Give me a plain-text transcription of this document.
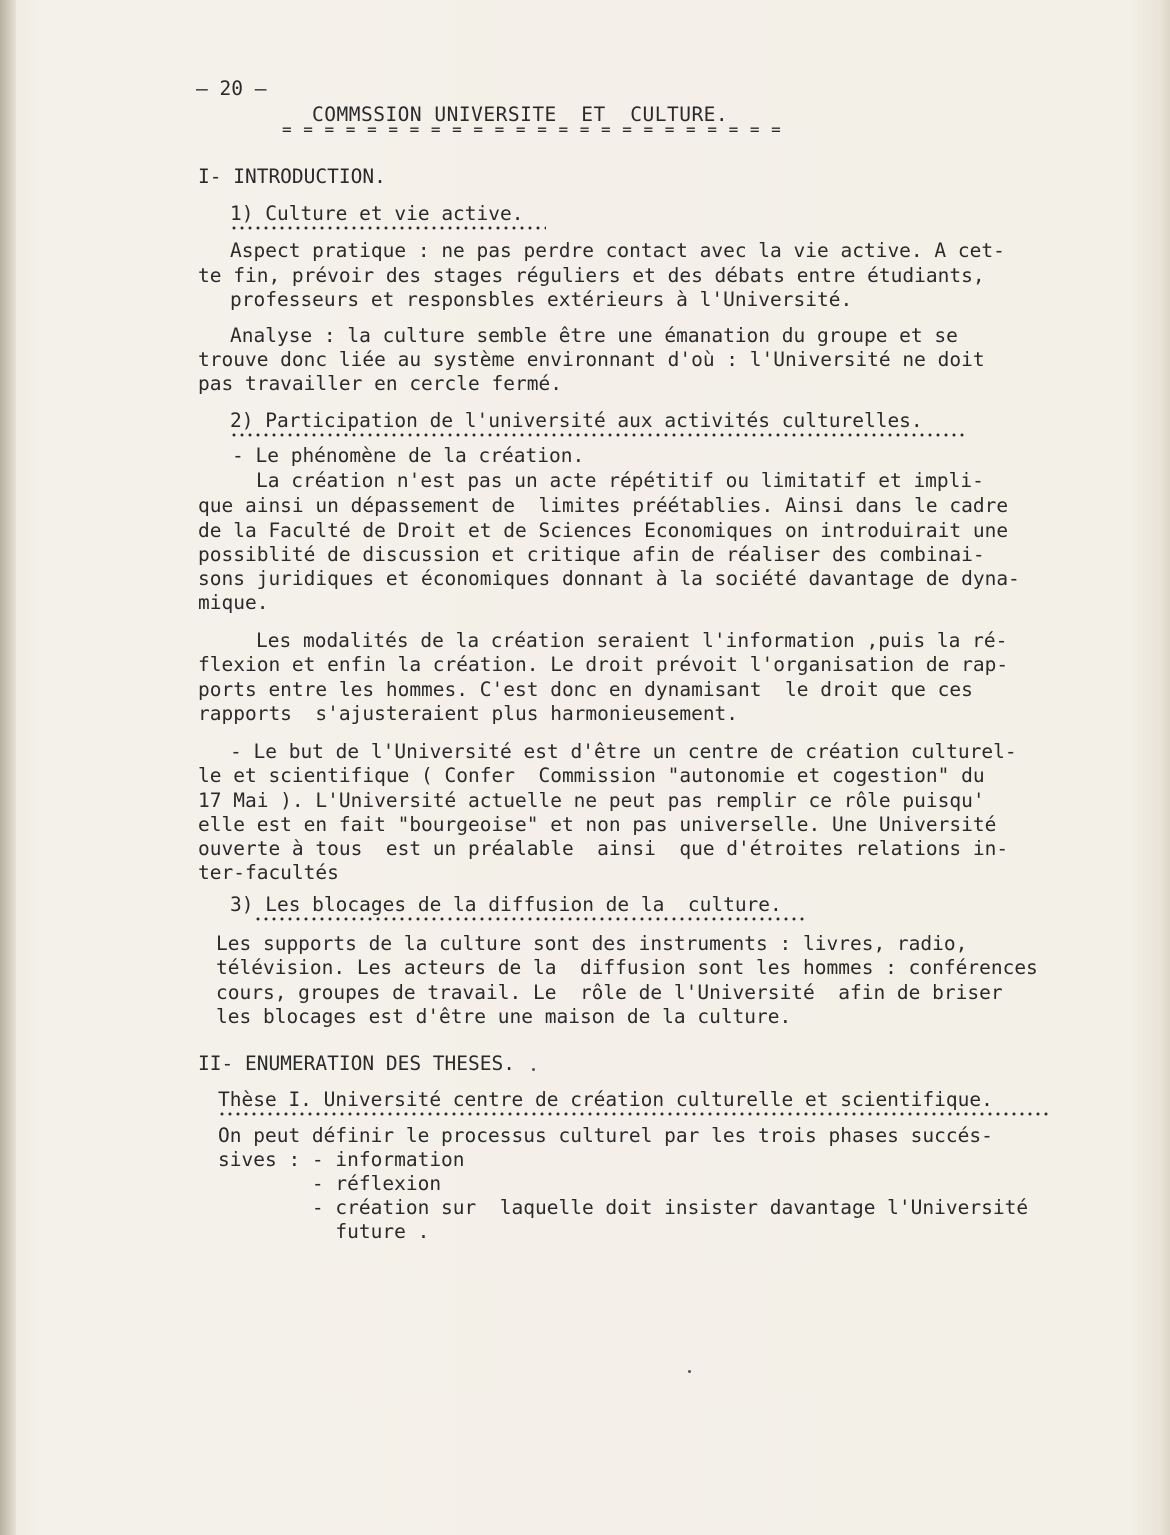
– 20 –
COMMSSION UNIVERSITE  ET  CULTURE.
= = = = = = = = = = = = = = = = = = = = = = = =
I- INTRODUCTION.
1) Culture et vie active.
Aspect pratique : ne pas perdre contact avec la vie active. A cet-
te fin, prévoir des stages réguliers et des débats entre étudiants,
professeurs et responsbles extérieurs à l'Université.
Analyse : la culture semble être une émanation du groupe et se
trouve donc liée au système environnant d'où : l'Université ne doit
pas travailler en cercle fermé.
2) Participation de l'université aux activités culturelles.
- Le phénomène de la création.
La création n'est pas un acte répétitif ou limitatif et impli-
que ainsi un dépassement de  limites préétablies. Ainsi dans le cadre
de la Faculté de Droit et de Sciences Economiques on introduirait une
possiblité de discussion et critique afin de réaliser des combinai-
sons juridiques et économiques donnant à la société davantage de dyna-
mique.
Les modalités de la création seraient l'information ,puis la ré-
flexion et enfin la création. Le droit prévoit l'organisation de rap-
ports entre les hommes. C'est donc en dynamisant  le droit que ces
rapports  s'ajusteraient plus harmonieusement.
- Le but de l'Université est d'être un centre de création culturel-
le et scientifique ( Confer  Commission "autonomie et cogestion" du
17 Mai ). L'Université actuelle ne peut pas remplir ce rôle puisqu'
elle est en fait "bourgeoise" et non pas universelle. Une Université
ouverte à tous  est un préalable  ainsi  que d'étroites relations in-
ter-facultés
3) Les blocages de la diffusion de la  culture.
Les supports de la culture sont des instruments : livres, radio,
télévision. Les acteurs de la  diffusion sont les hommes : conférences
cours, groupes de travail. Le  rôle de l'Université  afin de briser
les blocages est d'être une maison de la culture.
II- ENUMERATION DES THESES.
Thèse I. Université centre de création culturelle et scientifique.
On peut définir le processus culturel par les trois phases succés-
sives : - information
- réflexion
- création sur  laquelle doit insister davantage l'Université
future .
